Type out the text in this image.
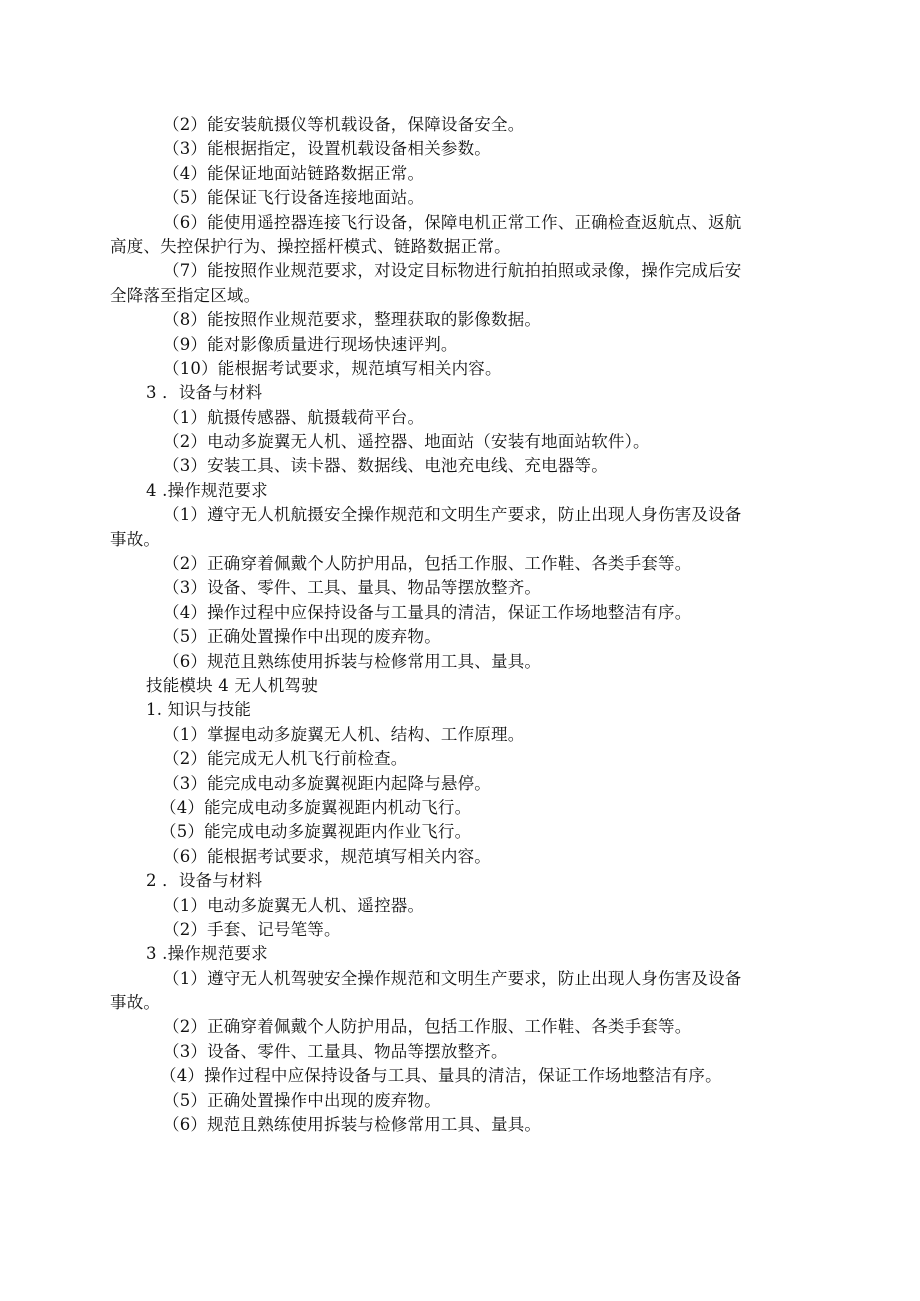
（2）能安装航摄仪等机载设备，保障设备安全。
（3）能根据指定，设置机载设备相关参数。
（4）能保证地面站链路数据正常。
（5）能保证飞行设备连接地面站。
（6）能使用遥控器连接飞行设备，保障电机正常工作、正确检查返航点、返航
高度、失控保护行为、操控摇杆模式、链路数据正常。
（7）能按照作业规范要求，对设定目标物进行航拍拍照或录像，操作完成后安
全降落至指定区域。
（8）能按照作业规范要求，整理获取的影像数据。
（9）能对影像质量进行现场快速评判。
（10）能根据考试要求，规范填写相关内容。
3 ．设备与材料
（1）航摄传感器、航摄载荷平台。
（2）电动多旋翼无人机、遥控器、地面站（安装有地面站软件）。
（3）安装工具、读卡器、数据线、电池充电线、充电器等。
4 .操作规范要求
（1）遵守无人机航摄安全操作规范和文明生产要求，防止出现人身伤害及设备
事故。
（2）正确穿着佩戴个人防护用品，包括工作服、工作鞋、各类手套等。
（3）设备、零件、工具、量具、物品等摆放整齐。
（4）操作过程中应保持设备与工量具的清洁，保证工作场地整洁有序。
（5）正确处置操作中出现的废弃物。
（6）规范且熟练使用拆装与检修常用工具、量具。
技能模块 4 无人机驾驶
1. 知识与技能
（1）掌握电动多旋翼无人机、结构、工作原理。
（2）能完成无人机飞行前检查。
（3）能完成电动多旋翼视距内起降与悬停。
（4）能完成电动多旋翼视距内机动飞行。
（5）能完成电动多旋翼视距内作业飞行。
（6）能根据考试要求，规范填写相关内容。
2 ．设备与材料
（1）电动多旋翼无人机、遥控器。
（2）手套、记号笔等。
3 .操作规范要求
（1）遵守无人机驾驶安全操作规范和文明生产要求，防止出现人身伤害及设备
事故。
（2）正确穿着佩戴个人防护用品，包括工作服、工作鞋、各类手套等。
（3）设备、零件、工量具、物品等摆放整齐。
（4）操作过程中应保持设备与工具、量具的清洁，保证工作场地整洁有序。
（5）正确处置操作中出现的废弃物。
（6）规范且熟练使用拆装与检修常用工具、量具。
